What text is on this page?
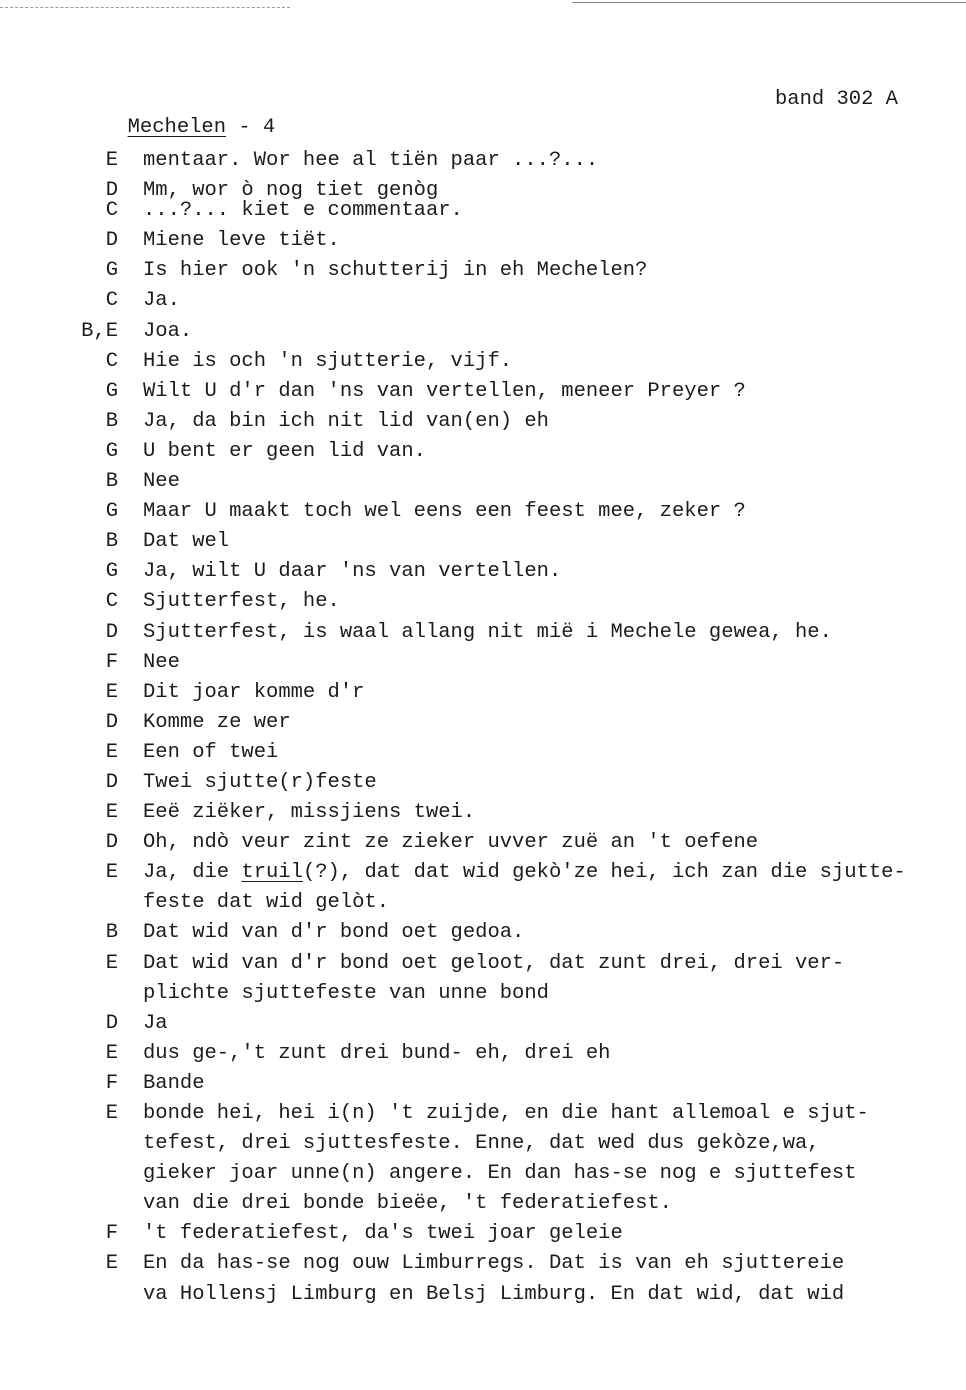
Mechelen - 4

band 302 A

E mentaar. Wor hee al tiën paar ...?...
D Mm, wor ò nog tiet genòg
C ...?... kiet e commentaar.
D Miene leve tiët.
G Is hier ook 'n schutterij in eh Mechelen?
C Ja.
B,E Joa.
C Hie is och 'n sjutterie, vijf.
G Wilt U d'r dan 'ns van vertellen, meneer Preyer ?
B Ja, da bin ich nit lid van(en) eh
G U bent er geen lid van.
B Nee
G Maar U maakt toch wel eens een feest mee, zeker ?
B Dat wel
G Ja, wilt U daar 'ns van vertellen.
C Sjutterfest, he.
D Sjutterfest, is waal allang nit mië i Mechele gewea, he.
F Nee
E Dit joar komme d'r
D Komme ze wer
E Een of twei
D Twei sjutte(r)feste
E Eeë ziëker, missjiens twei.
D Oh, ndò veur zint ze zieker uvver zuë an 't oefene
E Ja, die truil(?), dat dat wid gekò'ze hei, ich zan die sjutte-
feste dat wid gelòt.
B Dat wid van d'r bond oet gedoa.
E Dat wid van d'r bond oet geloot, dat zunt drei, drei ver-
plichte sjuttefeste van unne bond
D Ja
E dus ge-,'t zunt drei bund- eh, drei eh
F Bande
E bonde hei, hei i(n) 't zuijde, en die hant allemoal e sjut-
tefest, drei sjuttesfeste. Enne, dat wed dus gekòze,wa,
gieker joar unne(n) angere. En dan has-se nog e sjuttefest
van die drei bonde bieëe, 't federatiefest.
F 't federatiefest, da's twei joar geleie
E En da has-se nog ouw Limburregs. Dat is van eh sjuttereie
va Hollensj Limburg en Belsj Limburg. En dat wid, dat wid
